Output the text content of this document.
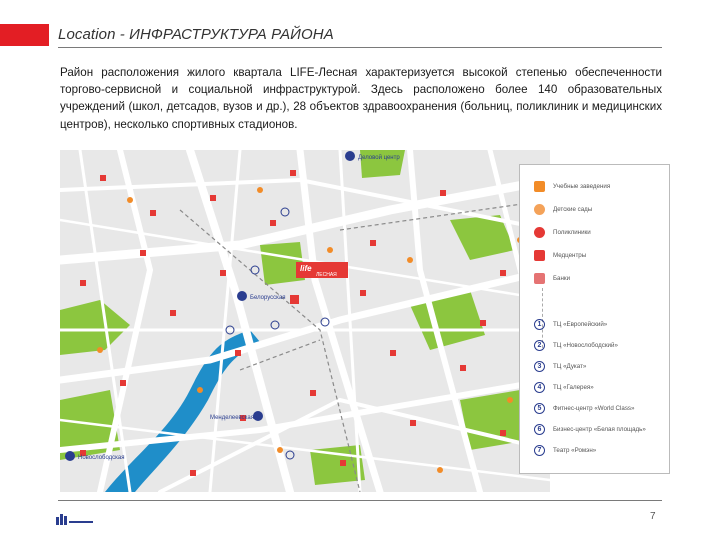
Location - ИНФРАСТРУКТУРА РАЙОНА

Район расположения жилого квартала LIFE-Лесная характеризуется высокой степенью обеспеченности торгово-сервисной и социальной инфраструктурой. Здесь расположено более 140 образовательных учреждений (школ, детсадов, вузов и др.), 28 объектов здравоохранения (больниц, поликлиник и медицинских центров), несколько спортивных стадионов.

Деловой центр
Белорусская
Менделеевская
Новослободская
life
ЛЕСНАЯ
Учебные заведения
Детские сады
Поликлиники
Медцентры
Банки
1	ТЦ «Европейский»
2	ТЦ «Новослободский»
3	ТЦ «Дукат»
4	ТЦ «Галерея»
5	Фитнес-центр «World Class»
6	Бизнес-центр «Белая площадь»
7	Театр «Ромэн»
7
